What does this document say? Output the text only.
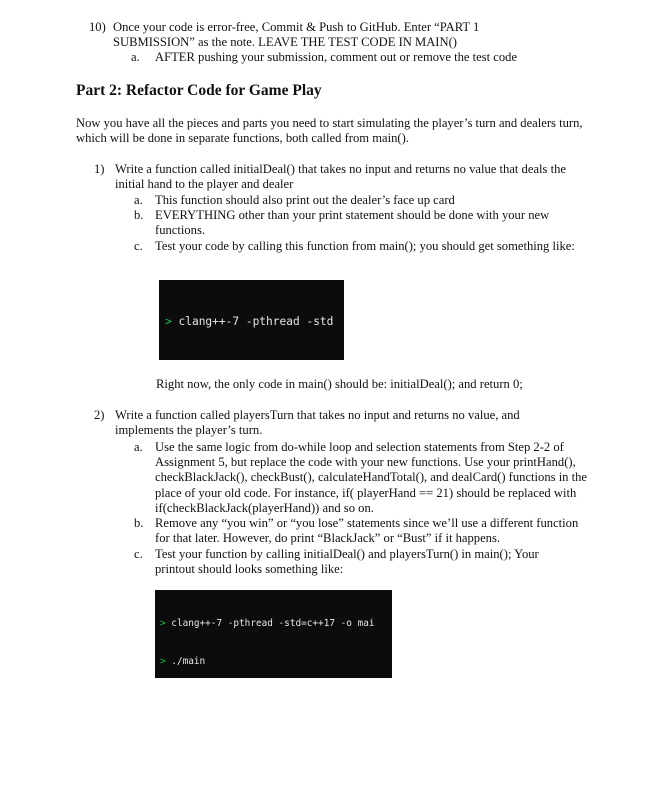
10) Once your code is error-free, Commit & Push to GitHub. Enter “PART 1 SUBMISSION” as the note. LEAVE THE TEST CODE IN MAIN()
a.	AFTER pushing your submission, comment out or remove the test code
Part 2: Refactor Code for Game Play
Now you have all the pieces and parts you need to start simulating the player’s turn and dealers turn, which will be done in separate functions, both called from main().
1) Write a function called initialDeal() that takes no input and returns no value that deals the initial hand to the player and dealer
a. This function should also print out the dealer’s face up card
b. EVERYTHING other than your print statement should be done with your new functions.
c. Test your code by calling this function from main(); you should get something like:

> clang++-7 -pthread -std

Right now, the only code in main() should be: initialDeal(); and return 0;
2) Write a function called playersTurn that takes no input and returns no value, and implements the player’s turn.
a. Use the same logic from do-while loop and selection statements from Step 2-2 of Assignment 5, but replace the code with your new functions. Use your printHand(), checkBlackJack(), checkBust(), calculateHandTotal(), and dealCard() functions in the place of your old code. For instance, if( playerHand == 21) should be replaced with if(checkBlackJack(playerHand)) and so on.
b. Remove any “you win” or “you lose” statements since we’ll use a different function for that later. However, do print “BlackJack” or “Bust” if it happens.
c. Test your function by calling initialDeal() and playersTurn() in main(); Your printout should looks something like:

> clang++-7 -pthread -std=c++17 -o mai

> ./main
